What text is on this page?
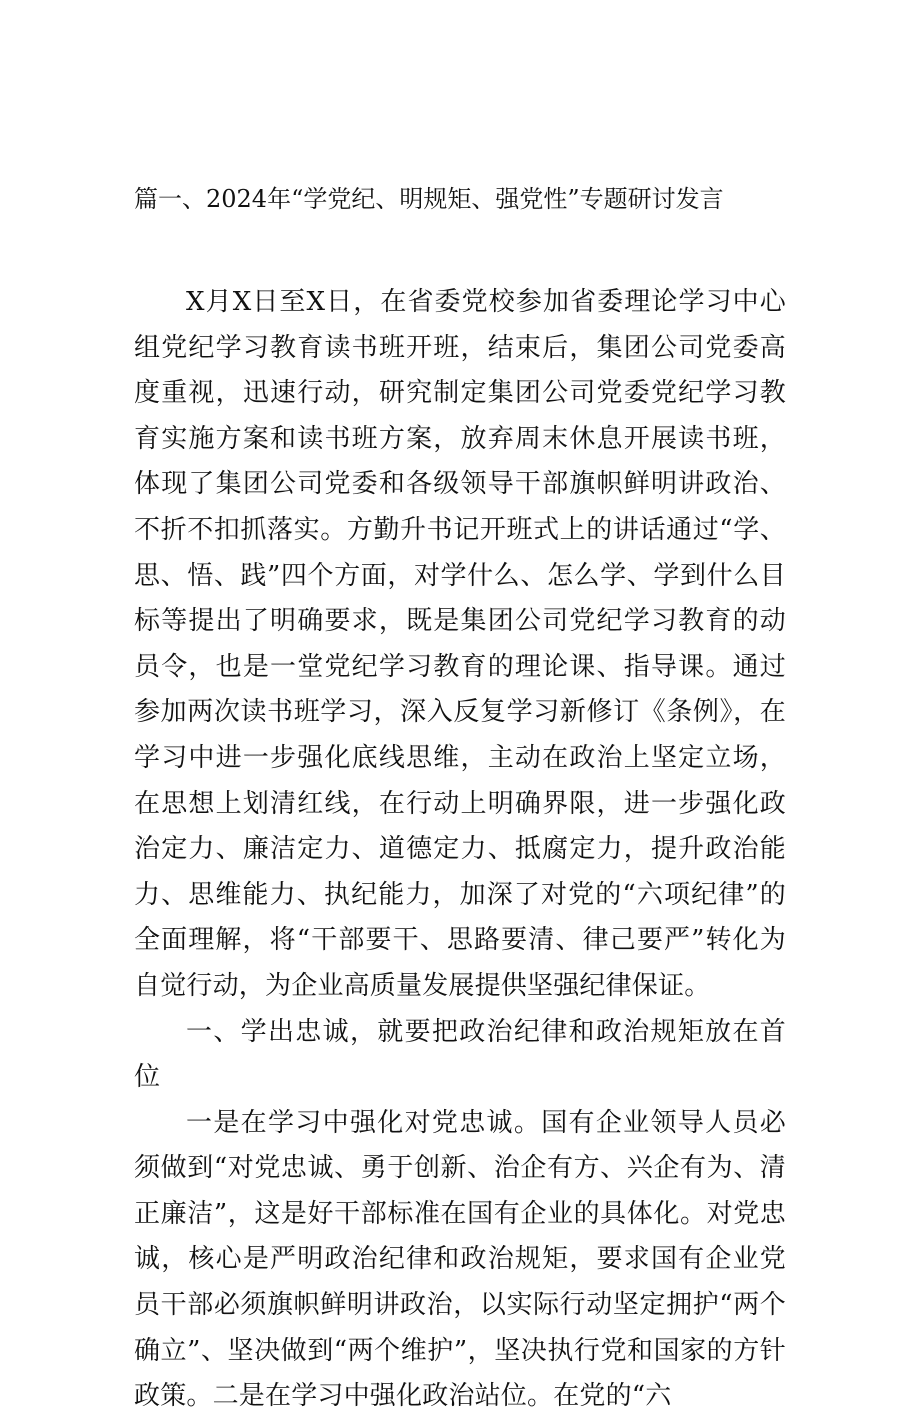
篇一、2024年“学党纪、明规矩、强党性”专题研讨发言

X月X日至X日，在省委党校参加省委理论学习中心组党纪学习教育读书班开班，结束后，集团公司党委高度重视，迅速行动，研究制定集团公司党委党纪学习教育实施方案和读书班方案，放弃周末休息开展读书班，体现了集团公司党委和各级领导干部旗帜鲜明讲政治、不折不扣抓落实。方勤升书记开班式上的讲话通过“学、思、悟、践”四个方面，对学什么、怎么学、学到什么目标等提出了明确要求，既是集团公司党纪学习教育的动员令，也是一堂党纪学习教育的理论课、指导课。通过参加两次读书班学习，深入反复学习新修订《条例》，在学习中进一步强化底线思维，主动在政治上坚定立场，在思想上划清红线，在行动上明确界限，进一步强化政治定力、廉洁定力、道德定力、抵腐定力，提升政治能力、思维能力、执纪能力，加深了对党的“六项纪律”的全面理解，将“干部要干、思路要清、律己要严”转化为自觉行动，为企业高质量发展提供坚强纪律保证。

一、学出忠诚，就要把政治纪律和政治规矩放在首位

一是在学习中强化对党忠诚。国有企业领导人员必须做到“对党忠诚、勇于创新、治企有方、兴企有为、清正廉洁”，这是好干部标准在国有企业的具体化。对党忠诚，核心是严明政治纪律和政治规矩，要求国有企业党员干部必须旗帜鲜明讲政治，以实际行动坚定拥护“两个确立”、坚决做到“两个维护”，坚决执行党和国家的方针政策。二是在学习中强化政治站位。在党的“六
